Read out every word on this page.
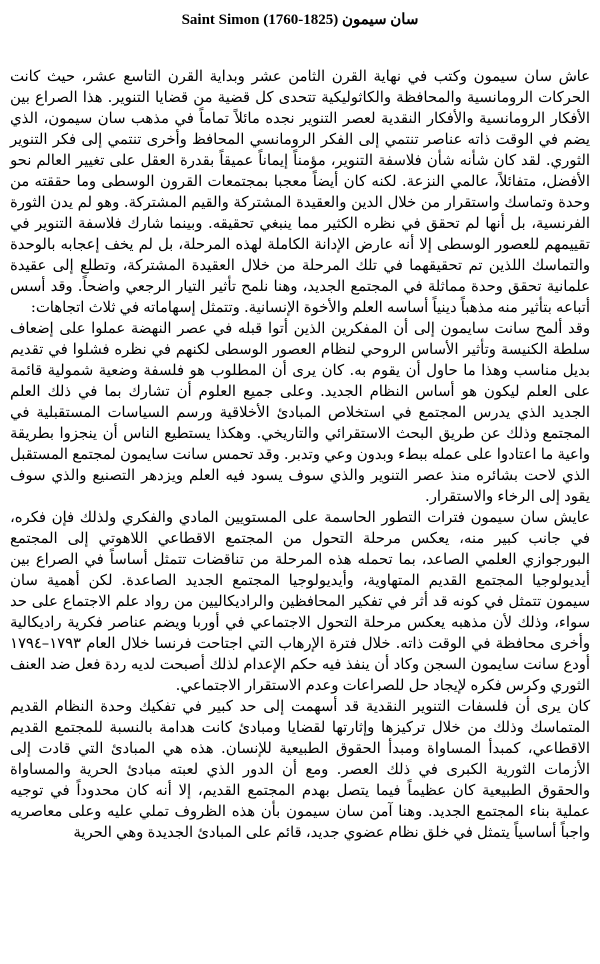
Saint Simon (1760-1825) سان سيمون

عاش سان سيمون وكتب في نهاية القرن الثامن عشر وبداية القرن التاسع عشر، حيث كانت الحركات الرومانسية والمحافظة والكاثوليكية تتحدى كل قضية من قضايا التنوير. هذا الصراع بين الأفكار الرومانسية والأفكار النقدية لعصر التنوير نجده مائلاً تماماً في مذهب سان سيمون، الذي يضم في الوقت ذاته عناصر تنتمي إلى الفكر الرومانسي المحافظ وأخرى تنتمي إلى فكر التنوير الثوري. لقد كان شأنه شأن فلاسفة التنوير، مؤمناً إيماناً عميقاً بقدرة العقل على تغيير العالم نحو الأفضل، متفائلاً، عالمي النزعة. لكنه كان أيضاً معجبا بمجتمعات القرون الوسطى وما حققته من وحدة وتماسك واستقرار من خلال الدين والعقيدة المشتركة والقيم المشتركة. وهو لم يدن الثورة الفرنسية، بل أنها لم تحقق في نظره الكثير مما ينبغي تحقيقه. وبينما شارك فلاسفة التنوير في تقييمهم للعصور الوسطى إلا أنه عارض الإدانة الكاملة لهذه المرحلة، بل لم يخف إعجابه بالوحدة والتماسك اللذين تم تحقيقهما في تلك المرحلة من خلال العقيدة المشتركة، وتطلع إلى عقيدة علمانية تحقق وحدة مماثلة في المجتمع الجديد، وهنا نلمح تأثير التيار الرجعي واضحاً. وقد أسس أتباعه بتأثير منه مذهباً دينياً أساسه العلم والأخوة الإنسانية. وتتمثل إسهاماته في ثلاث اتجاهات:

وقد ألمح سانت سايمون إلى أن المفكرين الذين أتوا قبله في عصر النهضة عملوا على إضعاف سلطة الكنيسة وتأثير الأساس الروحي لنظام العصور الوسطى لكنهم في نظره فشلوا في تقديم بديل مناسب وهذا ما حاول أن يقوم به. كان يرى أن المطلوب هو فلسفة وضعية شمولية قائمة على العلم ليكون هو أساس النظام الجديد. وعلى جميع العلوم أن تشارك بما في ذلك العلم الجديد الذي يدرس المجتمع في استخلاص المبادئ الأخلاقية ورسم السياسات المستقبلية في المجتمع وذلك عن طريق البحث الاستقرائي والتاريخي. وهكذا يستطيع الناس أن ينجزوا بطريقة واعية ما اعتادوا على عمله ببطء وبدون وعي وتدبر. وقد تحمس سانت سايمون لمجتمع المستقبل الذي لاحت بشائره منذ عصر التنوير والذي سوف يسود فيه العلم ويزدهر التصنيع والذي سوف يقود إلى الرخاء والاستقرار.

عايش سان سيمون فترات التطور الحاسمة على المستويين المادي والفكري ولذلك فإن فكره، في جانب كبير منه، يعكس مرحلة التحول من المجتمع الاقطاعي اللاهوتي إلى المجتمع البورجوازي العلمي الصاعد، بما تحمله هذه المرحلة من تناقضات تتمثل أساساً في الصراع بين أيديولوجيا المجتمع القديم المتهاوية، وأيديولوجيا المجتمع الجديد الصاعدة. لكن أهمية سان سيمون تتمثل في كونه قد أثر في تفكير المحافظين والراديكاليين من رواد علم الاجتماع على حد سواء، وذلك لأن مذهبه يعكس مرحلة التحول الاجتماعي في أوربا ويضم عناصر فكرية راديكالية وأخرى محافظة في الوقت ذاته. خلال فترة الإرهاب التي اجتاحت فرنسا خلال العام ١٧٩٣–١٧٩٤ أودع سانت سايمون السجن وكاد أن ينفذ فيه حكم الإعدام لذلك أصبحت لديه ردة فعل ضد العنف الثوري وكرس فكره لإيجاد حل للصراعات وعدم الاستقرار الاجتماعي.

كان يرى أن فلسفات التنوير النقدية قد أسهمت إلى حد كبير في تفكيك وحدة النظام القديم المتماسك وذلك من خلال تركيزها وإثارتها لقضايا ومبادئ كانت هدامة بالنسبة للمجتمع القديم الاقطاعي، كمبدأ المساواة ومبدأ الحقوق الطبيعية للإنسان. هذه هي المبادئ التي قادت إلى الأزمات الثورية الكبرى في ذلك العصر. ومع أن الدور الذي لعبته مبادئ الحرية والمساواة والحقوق الطبيعية كان عظيماً فيما يتصل بهدم المجتمع القديم، إلا أنه كان محدوداً في توجيه عملية بناء المجتمع الجديد. وهنا آمن سان سيمون بأن هذه الظروف تملي عليه وعلى معاصريه واجباً أساسياً يتمثل في خلق نظام عضوي جديد، قائم على المبادئ الجديدة وهي الحرية
